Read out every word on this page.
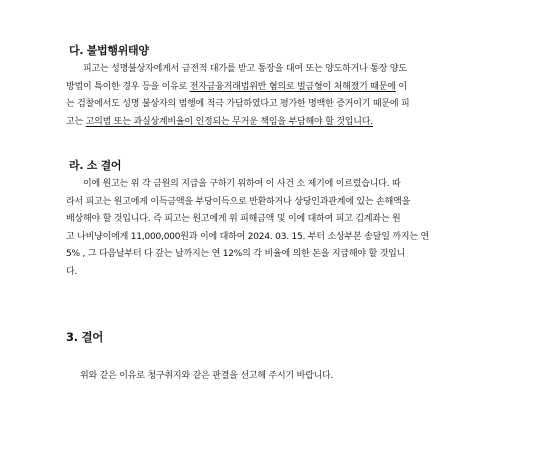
다. 불법행위태양
피고는 성명불상자에게서 금전적 대가를 받고 통장을 대여 또는 양도하거나 통장 양도
방법이 특이한 경우 등을 이유로 전자금융거래법위반 혐의로 벌금형이 처해졌기 때문에 이
는 검찰에서도 성명 불상자의 범행에 적극 가담하였다고 평가한 명백한 증거이기 때문에 피
고는 고의범 또는 과실상계비율이 인정되는 무거운 책임을 부담해야 할 것입니다.
라. 소 결어
이에 원고는 위 각 금원의 지급을 구하기 위하여 이 사건 소 제기에 이르렀습니다. 따
라서 피고는 원고에게 이득금액을 부당이득으로 반환하거나 상당인과관계에 있는 손해액을
배상해야 할 것입니다. 즉 피고는 원고에게 위 피해금액 및 이에 대하여 피고 김계좌는 원
고 나비냥이에게 11,000,000원과 이에 대하여 2024. 03. 15. 부터 소상부본 송달일 까지는 연
5% , 그 다음날부터 다 갚는 날까지는 연 12%의 각 비율에 의한 돈을 지급해야 할 것입니
다.
3. 결어
위와 같은 이유로 청구취지와 같은 판결을 선고해 주시기 바랍니다.
